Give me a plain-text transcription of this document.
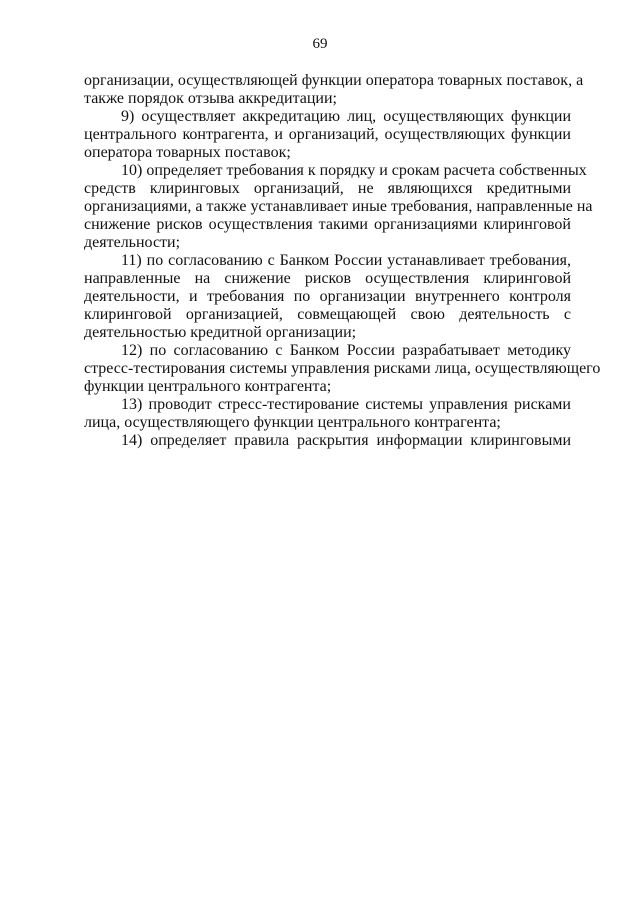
69
организации, осуществляющей функции оператора товарных поставок, а
также порядок отзыва аккредитации;
9) осуществляет аккредитацию лиц, осуществляющих функции
центрального контрагента, и организаций, осуществляющих функции
оператора товарных поставок;
10) определяет требования к порядку и срокам расчета собственных
средств клиринговых организаций, не являющихся кредитными
организациями, а также устанавливает иные требования, направленные на
снижение рисков осуществления такими организациями клиринговой
деятельности;
11) по согласованию с Банком России устанавливает требования,
направленные на снижение рисков осуществления клиринговой
деятельности, и требования по организации внутреннего контроля
клиринговой организацией, совмещающей свою деятельность с
деятельностью кредитной организации;
12) по согласованию с Банком России разрабатывает методику
стресс-тестирования системы управления рисками лица, осуществляющего
функции центрального контрагента;
13) проводит стресс-тестирование системы управления рисками
лица, осуществляющего функции центрального контрагента;
14) определяет правила раскрытия информации клиринговыми
